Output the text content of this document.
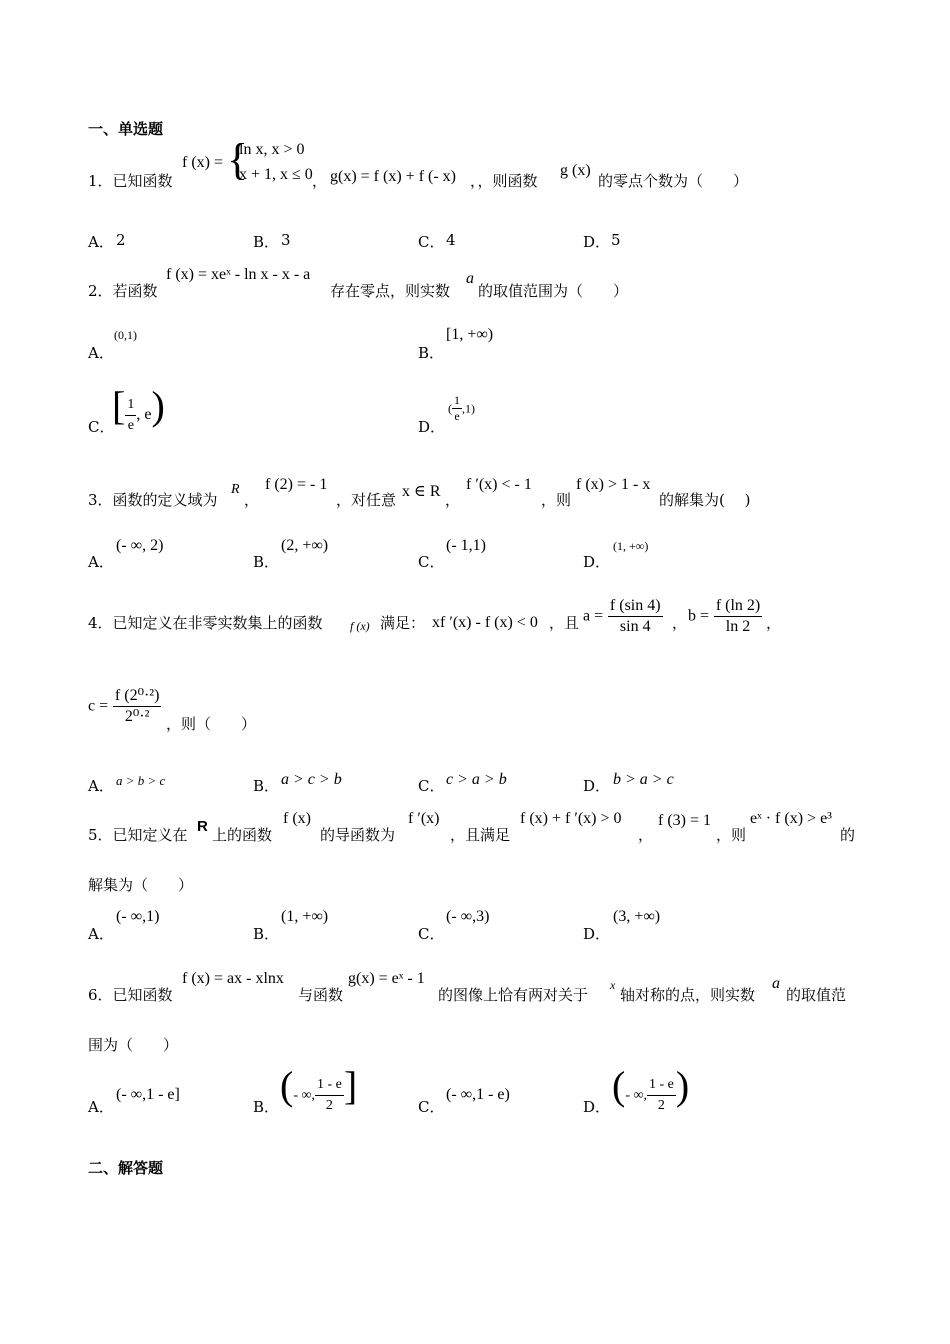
一、单选题
1．已知函数
f (x) = {
ln x, x > 0
x + 1, x ≤ 0 ， g(x) = f (x) + f (- x) ，，则函数
g (x)
的零点个数为（　　）
A． 2	B． 3	C． 4	D． 5
2．若函数
f (x) = xeˣ - ln x - x - a
存在零点，则实数
a
的取值范围为（　　）
A．
(0,1)
B．
[1, +∞)
C．
[ $\frac{1}{e}$ , e)	D．
( $\frac{1}{e} ,1$)
3．函数的定义域为
R
，
f (2) = - 1
，对任意 x ∈ R ，
f ′(x) < - 1
，则
f (x) > 1 - x
的解集为(　 )
A．
(- ∞, 2)
B．
(2, +∞)
C．
(- 1,1)
D．
(1, +∞)
4．已知定义在非零实数集上的函数 f (x) 满足： xf ′(x) - f (x) < 0 ，且 $a = \frac{f (\sin 4)}{\sin 4}$ ， $b = \frac{f (\ln 2)}{\ln 2}$ ，
$c = \frac{\text{f (2⁰·²)}}{\text{2⁰·²}}$ ，则（　　）
A． a > b > c	B． a > c > b	C． c > a > b	D． b > a > c
5．已知定义在 R 上的函数
f (x)
的导函数为
f ′(x)
，且满足
f (x) + f ′(x) > 0
，
f (3) = 1
，则
eˣ · f (x) > e³
的
解集为（　　）
A．
(- ∞,1)
B．
(1, +∞)
C．
(- ∞,3)
D．
(3, +∞)
6．已知函数
f (x) = ax - xlnx
与函数
g(x) = eˣ - 1
的图像上恰有两对关于
x
轴对称的点，则实数
a
的取值范
围为（　　）
A．
(- ∞,1 - e]
B． (- ∞, $\frac{1 - e}{2}$ ]	C．
(- ∞,1 - e)
D． (- ∞, $\frac{1 - e}{2}$ )
二、解答题
